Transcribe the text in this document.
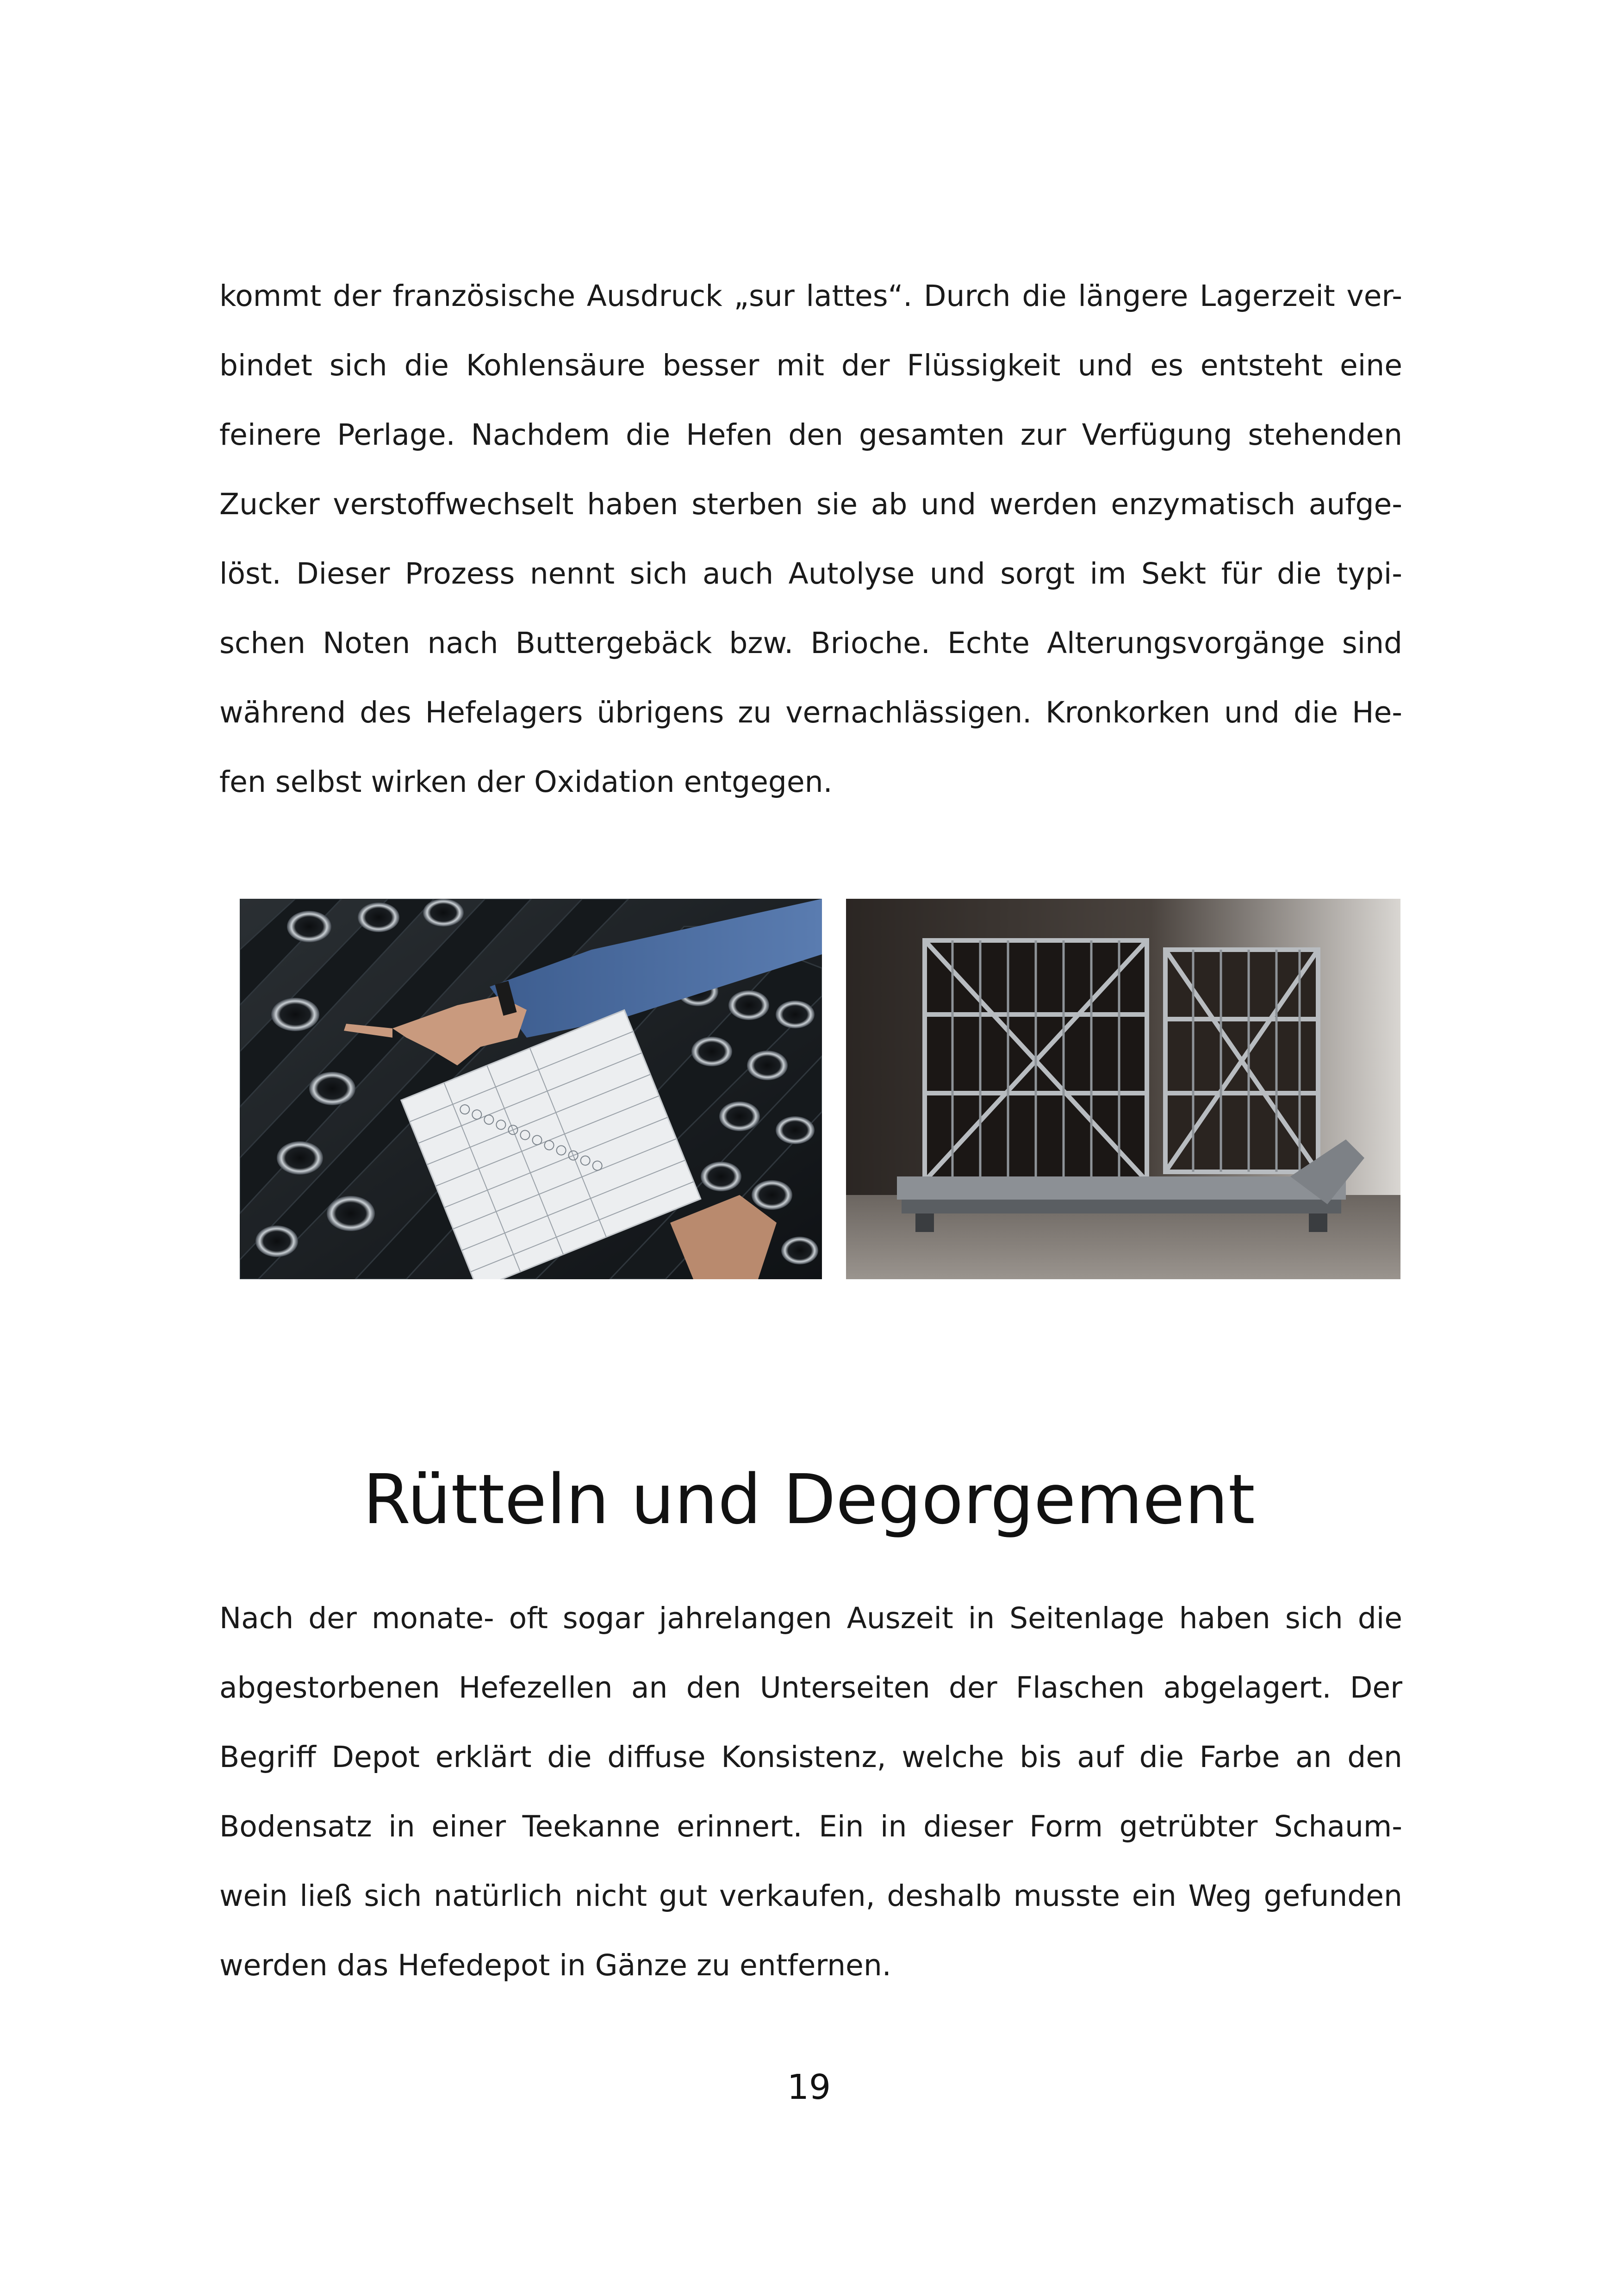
kommt der französische Ausdruck „sur lattes“. Durch die längere Lagerzeit ver-
bindet sich die Kohlensäure besser mit der Flüssigkeit und es entsteht eine
feinere Perlage. Nachdem die Hefen den gesamten zur Verfügung stehenden
Zucker verstoffwechselt haben sterben sie ab und werden enzymatisch aufge-
löst. Dieser Prozess nennt sich auch Autolyse und sorgt im Sekt für die typi-
schen Noten nach Buttergebäck bzw. Brioche. Echte Alterungsvorgänge sind
während des Hefelagers übrigens zu vernachlässigen. Kronkorken und die He-
fen selbst wirken der Oxidation entgegen.
Rütteln und Degorgement
Nach der monate- oft sogar jahrelangen Auszeit in Seitenlage haben sich die
abgestorbenen Hefezellen an den Unterseiten der Flaschen abgelagert. Der
Begriff Depot erklärt die diffuse Konsistenz, welche bis auf die Farbe an den
Bodensatz in einer Teekanne erinnert. Ein in dieser Form getrübter Schaum-
wein ließ sich natürlich nicht gut verkaufen, deshalb musste ein Weg gefunden
werden das Hefedepot in Gänze zu entfernen.
19
